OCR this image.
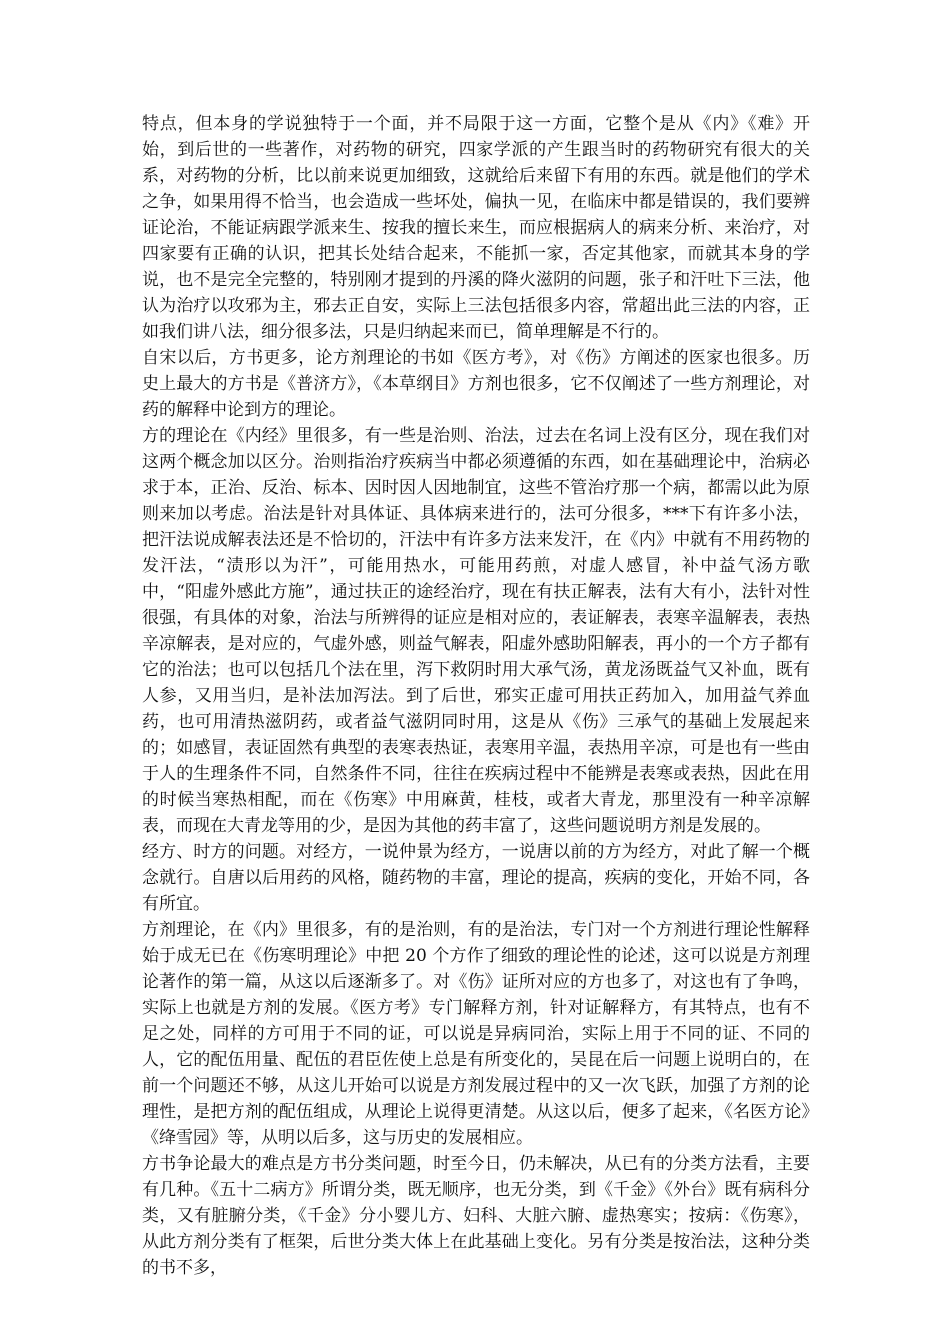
特点，但本身的学说独特于一个面，并不局限于这一方面，它整个是从《内》《难》开始，到后世的一些著作，对药物的研究，四家学派的产生跟当时的药物研究有很大的关系，对药物的分析，比以前来说更加细致，这就给后来留下有用的东西。就是他们的学术之争，如果用得不恰当，也会造成一些坏处，偏执一见，在临床中都是错误的，我们要辨证论治，不能证病跟学派来生、按我的擅长来生，而应根据病人的病来分析、来治疗，对四家要有正确的认识，把其长处结合起来，不能抓一家，否定其他家，而就其本身的学说，也不是完全完整的，特别刚才提到的丹溪的降火滋阴的问题，张子和汗吐下三法，他认为治疗以攻邪为主，邪去正自安，实际上三法包括很多内容，常超出此三法的内容，正如我们讲八法，细分很多法，只是归纳起来而已，简单理解是不行的。

自宋以后，方书更多，论方剂理论的书如《医方考》，对《伤》方阐述的医家也很多。历史上最大的方书是《普济方》，《本草纲目》方剂也很多，它不仅阐述了一些方剂理论，对药的解释中论到方的理论。

方的理论在《内经》里很多，有一些是治则、治法，过去在名词上没有区分，现在我们对这两个概念加以区分。治则指治疗疾病当中都必须遵循的东西，如在基础理论中，治病必求于本，正治、反治、标本、因时因人因地制宜，这些不管治疗那一个病，都需以此为原则来加以考虑。治法是针对具体证、具体病来进行的，法可分很多，***下有许多小法，把汗法说成解表法还是不恰切的，汗法中有许多方法来发汗，在《内》中就有不用药物的发汗法，“渍形以为汗”，可能用热水，可能用药煎，对虚人感冒，补中益气汤方歌中，“阳虚外感此方施”，通过扶正的途经治疗，现在有扶正解表，法有大有小，法针对性很强，有具体的对象，治法与所辨得的证应是相对应的，表证解表，表寒辛温解表，表热辛凉解表，是对应的，气虚外感，则益气解表，阳虚外感助阳解表，再小的一个方子都有它的治法；也可以包括几个法在里，泻下救阴时用大承气汤，黄龙汤既益气又补血，既有人参，又用当归，是补法加泻法。到了后世，邪实正虚可用扶正药加入，加用益气养血药，也可用清热滋阴药，或者益气滋阴同时用，这是从《伤》三承气的基础上发展起来的；如感冒，表证固然有典型的表寒表热证，表寒用辛温，表热用辛凉，可是也有一些由于人的生理条件不同，自然条件不同，往往在疾病过程中不能辨是表寒或表热，因此在用的时候当寒热相配，而在《伤寒》中用麻黄，桂枝，或者大青龙，那里没有一种辛凉解表，而现在大青龙等用的少，是因为其他的药丰富了，这些问题说明方剂是发展的。

经方、时方的问题。对经方，一说仲景为经方，一说唐以前的方为经方，对此了解一个概念就行。自唐以后用药的风格，随药物的丰富，理论的提高，疾病的变化，开始不同，各有所宜。

方剂理论，在《内》里很多，有的是治则，有的是治法，专门对一个方剂进行理论性解释始于成无已在《伤寒明理论》中把 20 个方作了细致的理论性的论述，这可以说是方剂理论著作的第一篇，从这以后逐渐多了。对《伤》证所对应的方也多了，对这也有了争鸣，实际上也就是方剂的发展。《医方考》专门解释方剂，针对证解释方，有其特点，也有不足之处，同样的方可用于不同的证，可以说是异病同治，实际上用于不同的证、不同的人，它的配伍用量、配伍的君臣佐使上总是有所变化的，吴昆在后一问题上说明白的，在前一个问题还不够，从这儿开始可以说是方剂发展过程中的又一次飞跃，加强了方剂的论理性，是把方剂的配伍组成，从理论上说得更清楚。从这以后，便多了起来，《名医方论》《绛雪园》等，从明以后多，这与历史的发展相应。

方书争论最大的难点是方书分类问题，时至今日，仍未解决，从已有的分类方法看，主要有几种。《五十二病方》所谓分类，既无顺序，也无分类，到《千金》《外台》既有病科分类，又有脏腑分类，《千金》分小婴儿方、妇科、大脏六腑、虚热寒实；按病：《伤寒》，从此方剂分类有了框架，后世分类大体上在此基础上变化。另有分类是按治法，这种分类的书不多，
